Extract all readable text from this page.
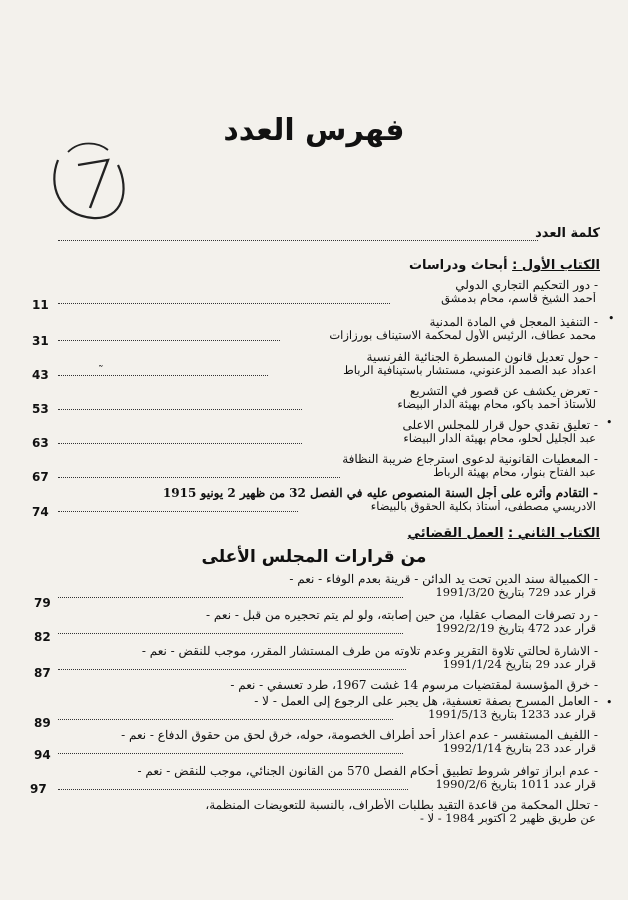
فهرس العدد
كلمة العدد
الكتاب الأول : أبحاث ودراسات
- دور التحكيم التجاري الدولي
أحمد الشيخ قاسم، محام بدمشق
11
- التنفيذ المعجل في المادة المدنية
محمد عطاف، الرئيس الأول لمحكمة الاستيناف بورزازات
31
•
- حول تعديل قانون المسطرة الجنائية الفرنسية
اعداد عبد الصمد الزعنوني، مستشار باستينافية الرباط
43	˜
- تعرض يكشف عن قصور في التشريع
للأستاذ أحمد باكو، محام بهيئة الدار البيضاء
53
- تعليق نقدي حول قرار للمجلس الاعلى
عبد الجليل لحلو، محام بهيئة الدار البيضاء
63
•
- المعطيات القانونية لدعوى استرجاع ضريبة النظافة
عبد الفتاح بنوار، محام بهيئة الرباط
67
- التقادم وأثره على أجل السنة المنصوص عليه في الفصل 32 من ظهير 2 يونيو 1915
الادريسي مصطفى، أستاذ بكلية الحقوق بالبيضاء
74
الكتاب الثاني : العمل القضائي
من قرارات المجلس الأعلى
- الكمبيالة سند الدين تحت يد الدائن - قرينة بعدم الوفاء - نعم -
قرار عدد 729 بتاريخ 1991/3/20
79
- رد تصرفات المصاب عقليا، من حين إصابته، ولو لم يتم تحجيره من قبل - نعم -
قرار عدد 472 بتاريخ 1992/2/19
82
- الاشارة لحالتي تلاوة التقرير وعدم تلاوته من طرف المستشار المقرر، موجب للنقض - نعم -
قرار عدد 29 بتاريخ 1991/1/24
87
- خرق المؤسسة لمقتضيات مرسوم 14 غشت 1967، طرد تعسفي - نعم -
•
- العامل المسرح بصفة تعسفية، هل يجبر على الرجوع إلى العمل - لا -
قرار عدد 1233 بتاريخ 1991/5/13
89
- اللفيف المستفسر - عدم اعذار أحد أطراف الخصومة، حوله، خرق لحق من حقوق الدفاع - نعم -
قرار عدد 23 بتاريخ 1992/1/14
94
- عدم ابراز توافر شروط تطبيق أحكام الفصل 570 من القانون الجنائي، موجب للنقض - نعم -
قرار عدد 1011 بتاريخ 1990/2/6
97
- تحلل المحكمة من قاعدة التقيد بطلبات الأطراف، بالنسبة للتعويضات المنظمة،
عن طريق ظهير 2 اكتوبر 1984 - لا -
